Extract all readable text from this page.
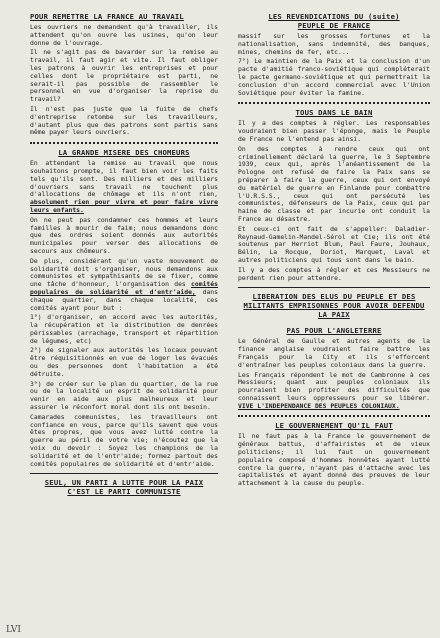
POUR REMETTRE LA FRANCE AU TRAVAIL

Les ouvriers ne demandent qu'à travailler, ils attendent qu'on ouvre les usines, qu'on leur donne de l'ouvrage.

Il ne s'agit pas de bavarder sur la remise au travail, il faut agir et vite. Il faut obliger les patrons à ouvrir les entreprises et pour celles dont le propriétaire est parti, ne serait-il pas possible de rassembler le personnel en vue d'organiser la reprise du travail?

Il n'est pas juste que la fuite de chefs d'entreprise retombe sur les travailleurs, d'autant plus que des patrons sont partis sans même payer leurs ouvriers.

LA GRANDE MISERE DES CHOMEURS

En attendant la remise au travail que nous souhaitons prompte, il faut bien voir les faits tels qu'ils sont. Des milliers et des milliers d'ouvriers sans travail ne touchent plus d'allocations de chômage et ils n'ont rien, absolument rien pour vivre et pour faire vivre leurs enfants.

On ne peut pas condamner ces hommes et leurs familles à mourir de faim; nous demandons donc que des ordres soient donnés aux autorités municipales pour verser des allocations de secours aux chômeurs.

De plus, considérant qu'un vaste mouvement de solidarité doit s'organiser, nous demandons aux communistes et sympathisants de se fixer, comme une tâche d'honneur, l'organisation des comités populaires de solidarité et d'entr'aide, dans chaque quartier, dans chaque localité, ces comités ayant pour but :

1°) d'organiser, en accord avec les autorités, la récupération et la distribution de denrées périssables (arrachage, transport et répartition de légumes, etc)

2°) de signaler aux autorités les locaux pouvant être réquisitionnés en vue de loger les évacués ou des personnes dont l'habitation a été détruite.

3°) de créer sur le plan du quartier, de la rue ou de la localité un esprit de solidarité pour venir en aide aux plus malheureux et leur assurer le réconfort moral dont ils ont besoin.

Camarades communistes, les travailleurs ont confiance en vous, parce qu'ils savent que vous êtes propres, que vous avez lutté contre la guerre au péril de votre vie; n'écoutez que la voix du devoir : Soyez les champions de la solidarité et de l'entr'aide; formez partout des comités populaires de solidarité et d'entr'aide.

SEUL, UN PARTI A LUTTE POUR LA PAIX
C'EST LE PARTI COMMUNISTE
LES REVENDICATIONS DU (suite)
PEUPLE DE FRANCE

massif sur les grosses fortunes et la nationalisation, sans indemnité, des banques, mines, chemins de fer, etc...

7°) Le maintien de la Paix et la conclusion d'un pacte d'amitié franco-soviétique qui compléterait le pacte germano-soviétique et qui permettrait la conclusion d'un accord commercial avec l'Union Soviétique pour éviter la famine.

TOUS DANS LE BAIN

Il y a des comptes à régler. Les responsables voudraient bien passer l'éponge, mais le Peuple de France ne l'entend pas ainsi.

On des comptes à rendre ceux qui ont criminellement déclaré la guerre, le 3 Septembre 1939, ceux qui, après l'anéantissement de la Pologne ont refusé de faire la Paix sans se préparer à faire la guerre, ceux qui ont envoyé du matériel de guerre en Finlande pour combattre l'U.R.S.S., ceux qui ont persécuté les communistes, défenseurs de la Paix, ceux qui par haine de classe et par incurie ont conduit la France au désastre.

Et ceux-ci ont fait de s'appeller: Daladier-Reynaud-Gamelin-Mandel-Sérol et Cie; ils ont été soutenus par Herriot Blum, Paul Faure, Jouhaux, Bélin, La Rocque, Doriot, Marquet, Laval et autres politiciens qui tous sont dans le bain.

Il y a des comptes à régler et ces Messieurs ne perdent rien pour attendre.

LIBERATION DES ELUS DU PEUPLE ET DES MILITANTS EMPRISONNES POUR AVOIR DEFENDU LA PAIX
PAS POUR L'ANGLETERRE

Le Général de Gaulle et autres agents de la finance anglaise voudraient faire battre les Français pour la City et ils s'efforcent d'entraîner les peuples coloniaux dans la guerre.

Les Français répondent le mot de Cambronne à ces Messieurs; quant aux peuples coloniaux ils pourraient bien profiter des difficultés que connaissent leurs oppresseurs pour se libérer. VIVE L'INDEPENDANCE DES PEUPLES COLONIAUX.

LE GOUVERNEMENT QU'IL FAUT

Il ne faut pas à la France le gouvernement de généraux battus, d'affairistes et de vieux politiciens; il lui faut un gouvernement populaire composé d'hommes honnêtes ayant lutté contre la guerre, n'ayant pas d'attache avec les capitalistes et ayant donné des preuves de leur attachement à la cause du peuple.

LVI
